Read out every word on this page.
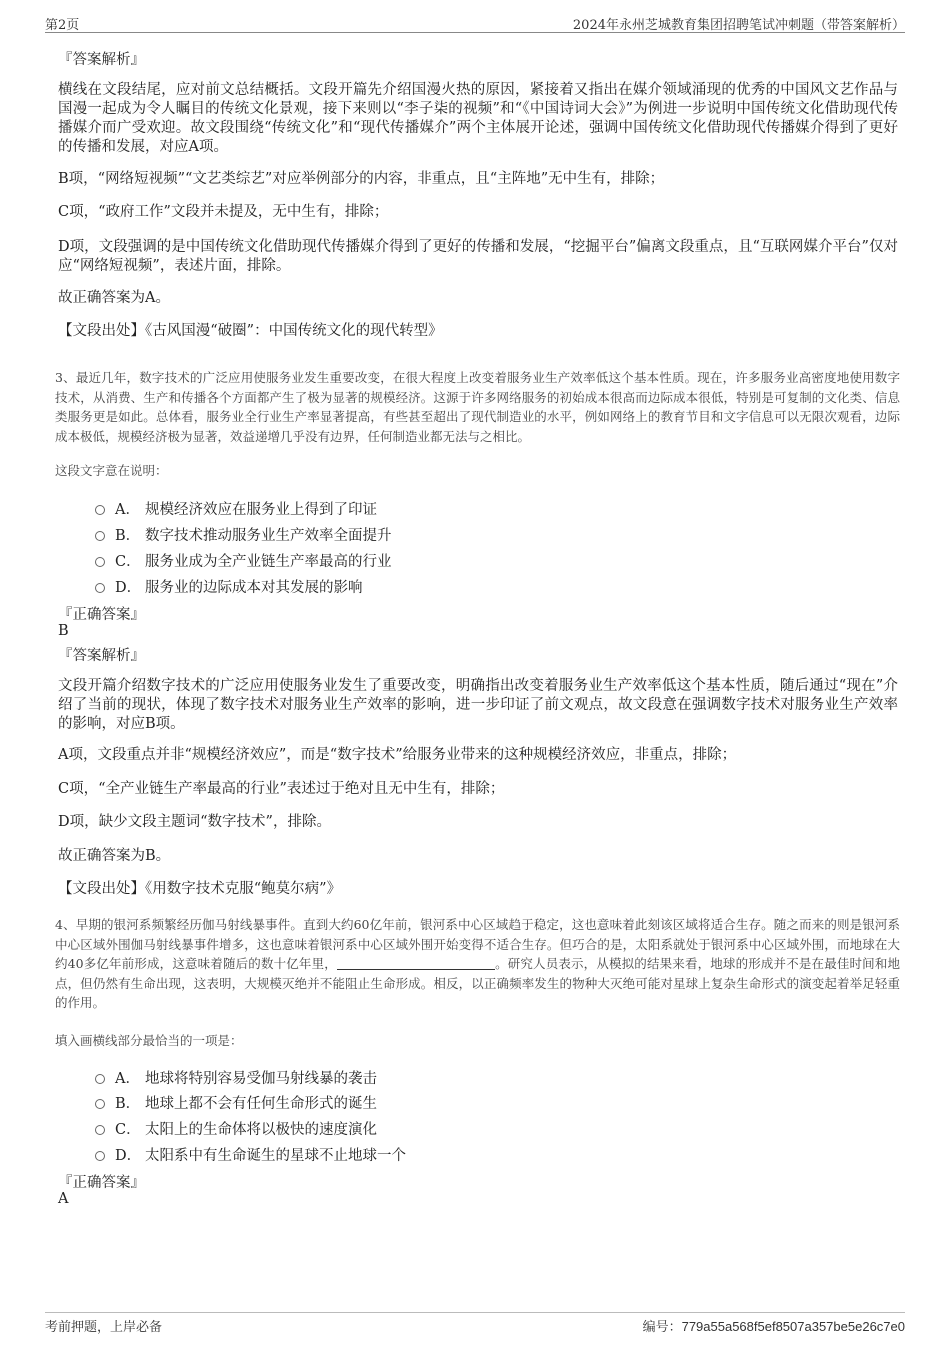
第2页	2024年永州芝城教育集团招聘笔试冲刺题（带答案解析）
『答案解析』
横线在文段结尾，应对前文总结概括。文段开篇先介绍国漫火热的原因，紧接着又指出在媒介领域涌现的优秀的中国风文艺作品与国漫一起成为令人瞩目的传统文化景观，接下来则以“李子柒的视频”和“《中国诗词大会》”为例进一步说明中国传统文化借助现代传播媒介而广受欢迎。故文段围绕“传统文化”和“现代传播媒介”两个主体展开论述，强调中国传统文化借助现代传播媒介得到了更好的传播和发展，对应A项。
B项，“网络短视频”“文艺类综艺”对应举例部分的内容，非重点，且“主阵地”无中生有，排除；
C项，“政府工作”文段并未提及，无中生有，排除；
D项，文段强调的是中国传统文化借助现代传播媒介得到了更好的传播和发展，“挖掘平台”偏离文段重点，且“互联网媒介平台”仅对应“网络短视频”，表述片面，排除。
故正确答案为A。
【文段出处】《古风国漫“破圈”：中国传统文化的现代转型》
3、最近几年，数字技术的广泛应用使服务业发生重要改变，在很大程度上改变着服务业生产效率低这个基本性质。现在，许多服务业高密度地使用数字技术，从消费、生产和传播各个方面都产生了极为显著的规模经济。这源于许多网络服务的初始成本很高而边际成本很低，特别是可复制的文化类、信息类服务更是如此。总体看，服务业全行业生产率显著提高，有些甚至超出了现代制造业的水平，例如网络上的教育节目和文字信息可以无限次观看，边际成本极低，规模经济极为显著，效益递增几乎没有边界，任何制造业都无法与之相比。
这段文字意在说明：
A． 规模经济效应在服务业上得到了印证
B． 数字技术推动服务业生产效率全面提升
C． 服务业成为全产业链生产率最高的行业
D． 服务业的边际成本对其发展的影响
『正确答案』
B
『答案解析』
文段开篇介绍数字技术的广泛应用使服务业发生了重要改变，明确指出改变着服务业生产效率低这个基本性质，随后通过“现在”介绍了当前的现状，体现了数字技术对服务业生产效率的影响，进一步印证了前文观点，故文段意在强调数字技术对服务业生产效率的影响，对应B项。
A项，文段重点并非“规模经济效应”，而是“数字技术”给服务业带来的这种规模经济效应，非重点，排除；
C项，“全产业链生产率最高的行业”表述过于绝对且无中生有，排除；
D项，缺少文段主题词“数字技术”，排除。
故正确答案为B。
【文段出处】《用数字技术克服“鲍莫尔病”》
4、早期的银河系频繁经历伽马射线暴事件。直到大约60亿年前，银河系中心区域趋于稳定，这也意味着此刻该区域将适合生存。随之而来的则是银河系中心区域外围伽马射线暴事件增多，这也意味着银河系中心区域外围开始变得不适合生存。但巧合的是，太阳系就处于银河系中心区域外围，而地球在大约40多亿年前形成，这意味着随后的数十亿年里，	。研究人员表示，从模拟的结果来看，地球的形成并不是在最佳时间和地点，但仍然有生命出现，这表明，大规模灭绝并不能阻止生命形成。相反，以正确频率发生的物种大灭绝可能对星球上复杂生命形式的演变起着举足轻重的作用。
填入画横线部分最恰当的一项是：
A． 地球将特别容易受伽马射线暴的袭击
B． 地球上都不会有任何生命形式的诞生
C． 太阳上的生命体将以极快的速度演化
D． 太阳系中有生命诞生的星球不止地球一个
『正确答案』
A
考前押题，上岸必备	编号：779a55a568f5ef8507a357be5e26c7e0
